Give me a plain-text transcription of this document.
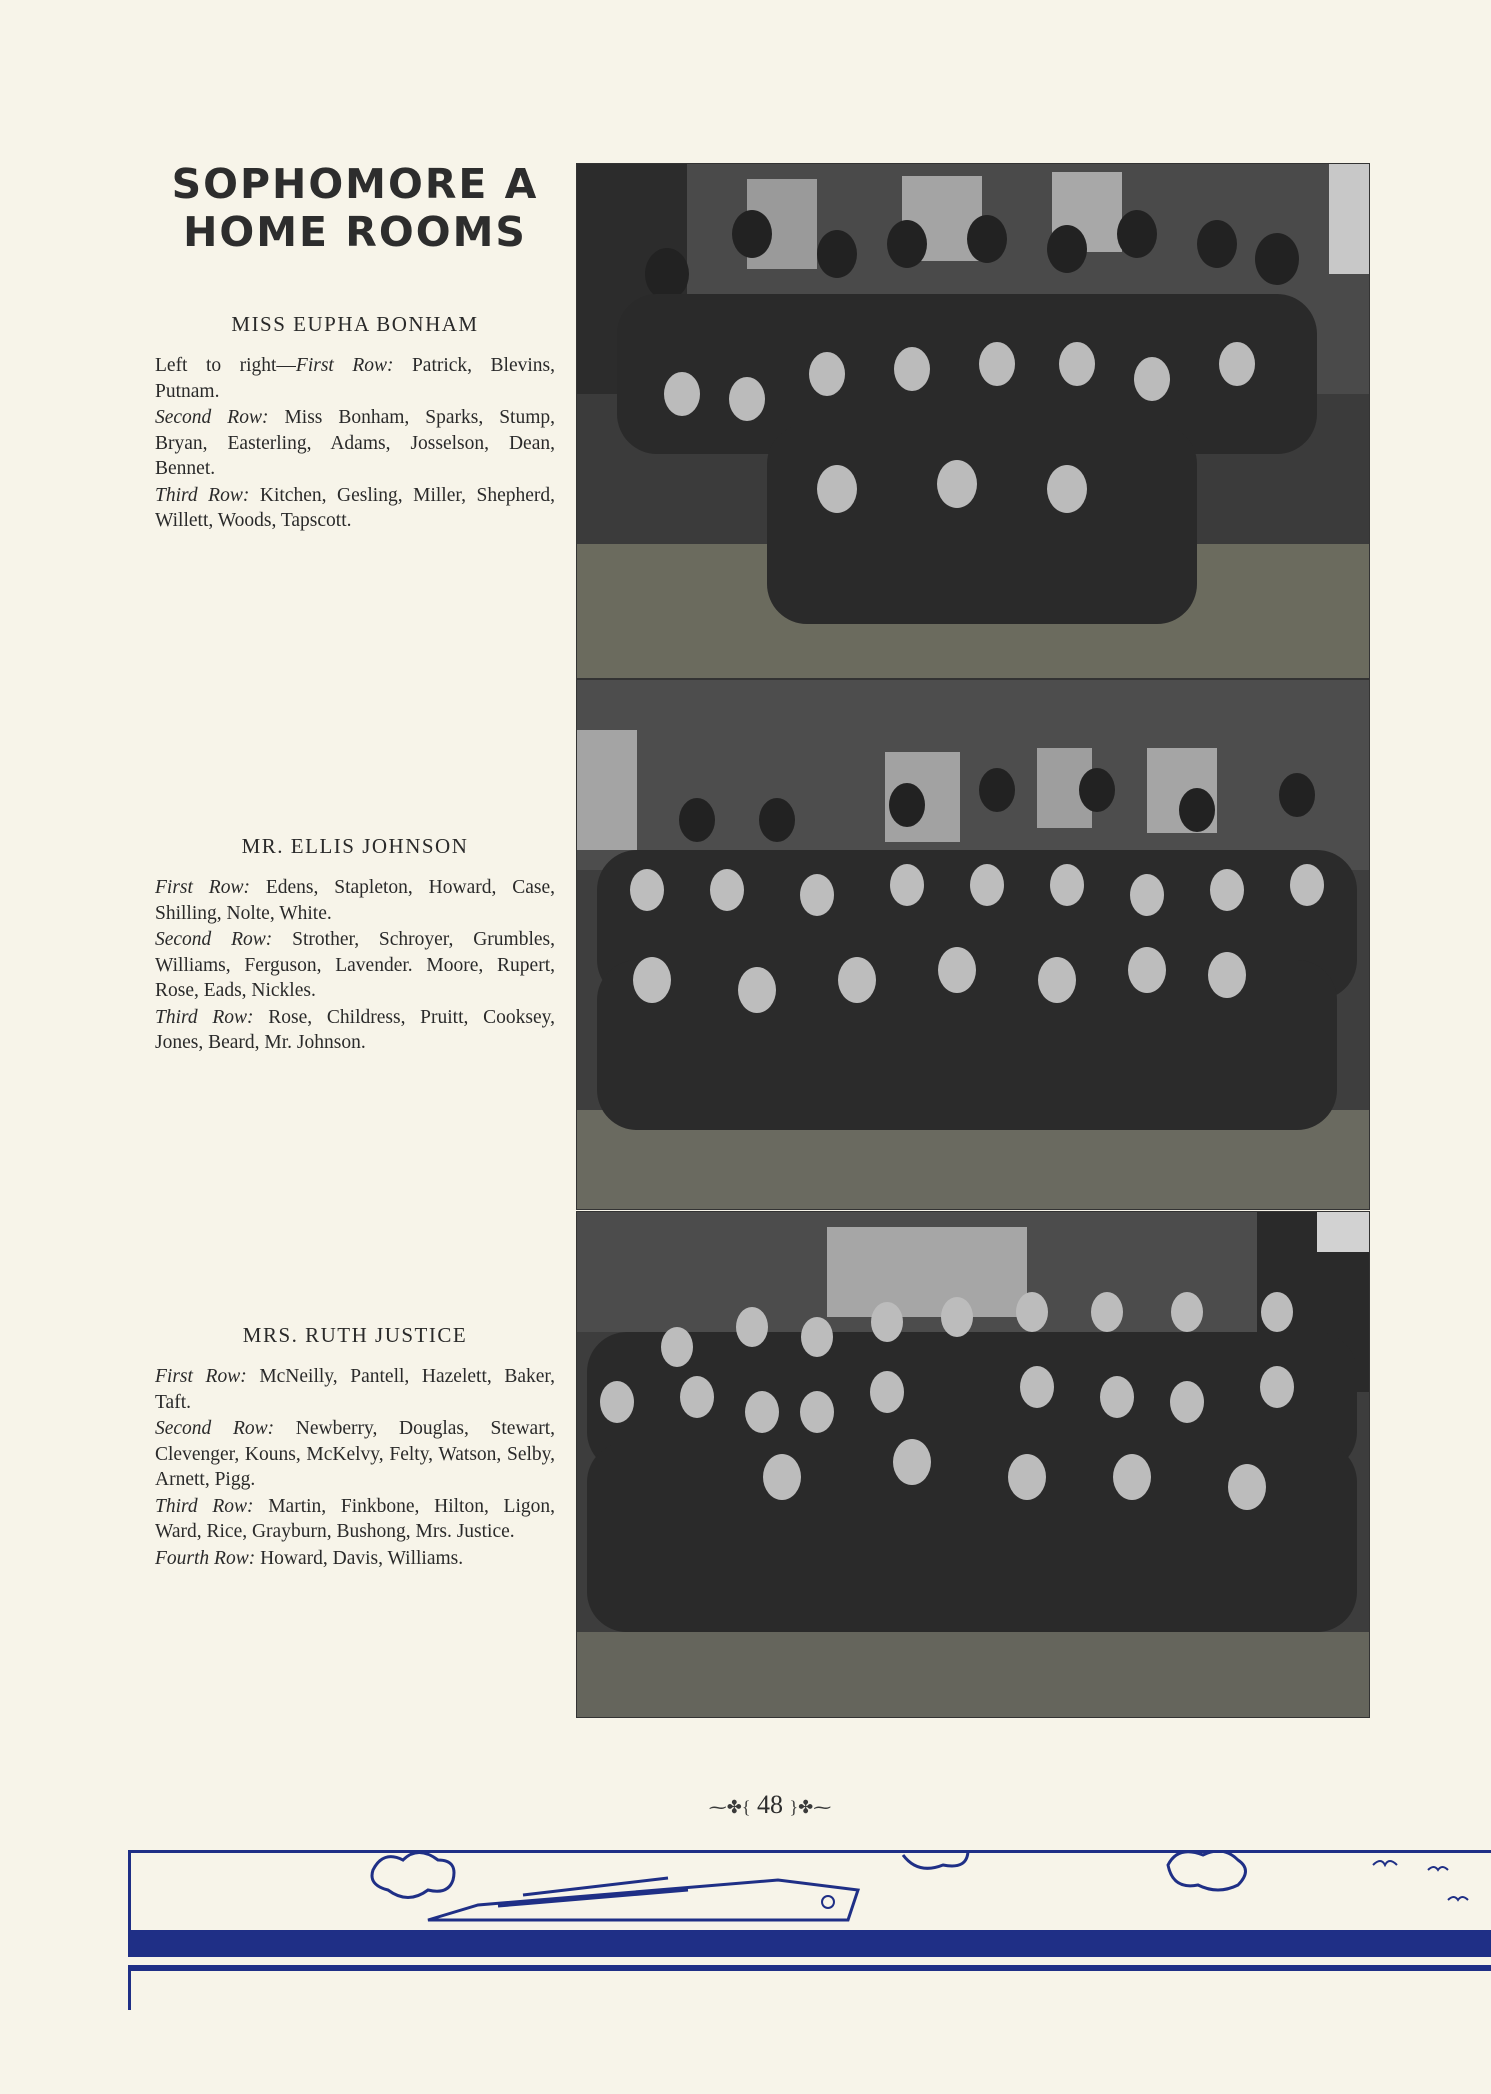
SOPHOMORE A
HOME ROOMS
MISS EUPHA BONHAM

Left to right—First Row: Patrick, Blevins, Putnam.

Second Row: Miss Bonham, Sparks, Stump, Bryan, Easterling, Adams, Josselson, Dean, Bennet.

Third Row: Kitchen, Gesling, Miller, Shepherd, Willett, Woods, Tapscott.

MR. ELLIS JOHNSON

First Row: Edens, Stapleton, Howard, Case, Shilling, Nolte, White.

Second Row: Strother, Schroyer, Grumbles, Williams, Ferguson, Lavender. Moore, Rupert, Rose, Eads, Nickles.

Third Row: Rose, Childress, Pruitt, Cooksey, Jones, Beard, Mr. Johnson.

MRS. RUTH JUSTICE

First Row: McNeilly, Pantell, Hazelett, Baker, Taft.

Second Row: Newberry, Douglas, Stewart, Clevenger, Kouns, McKelvy, Felty, Watson, Selby, Arnett, Pigg.

Third Row: Martin, Finkbone, Hilton, Ligon, Ward, Rice, Grayburn, Bushong, Mrs. Justice.

Fourth Row: Howard, Davis, Williams.

⁓✤{ 48 }✤⁓
